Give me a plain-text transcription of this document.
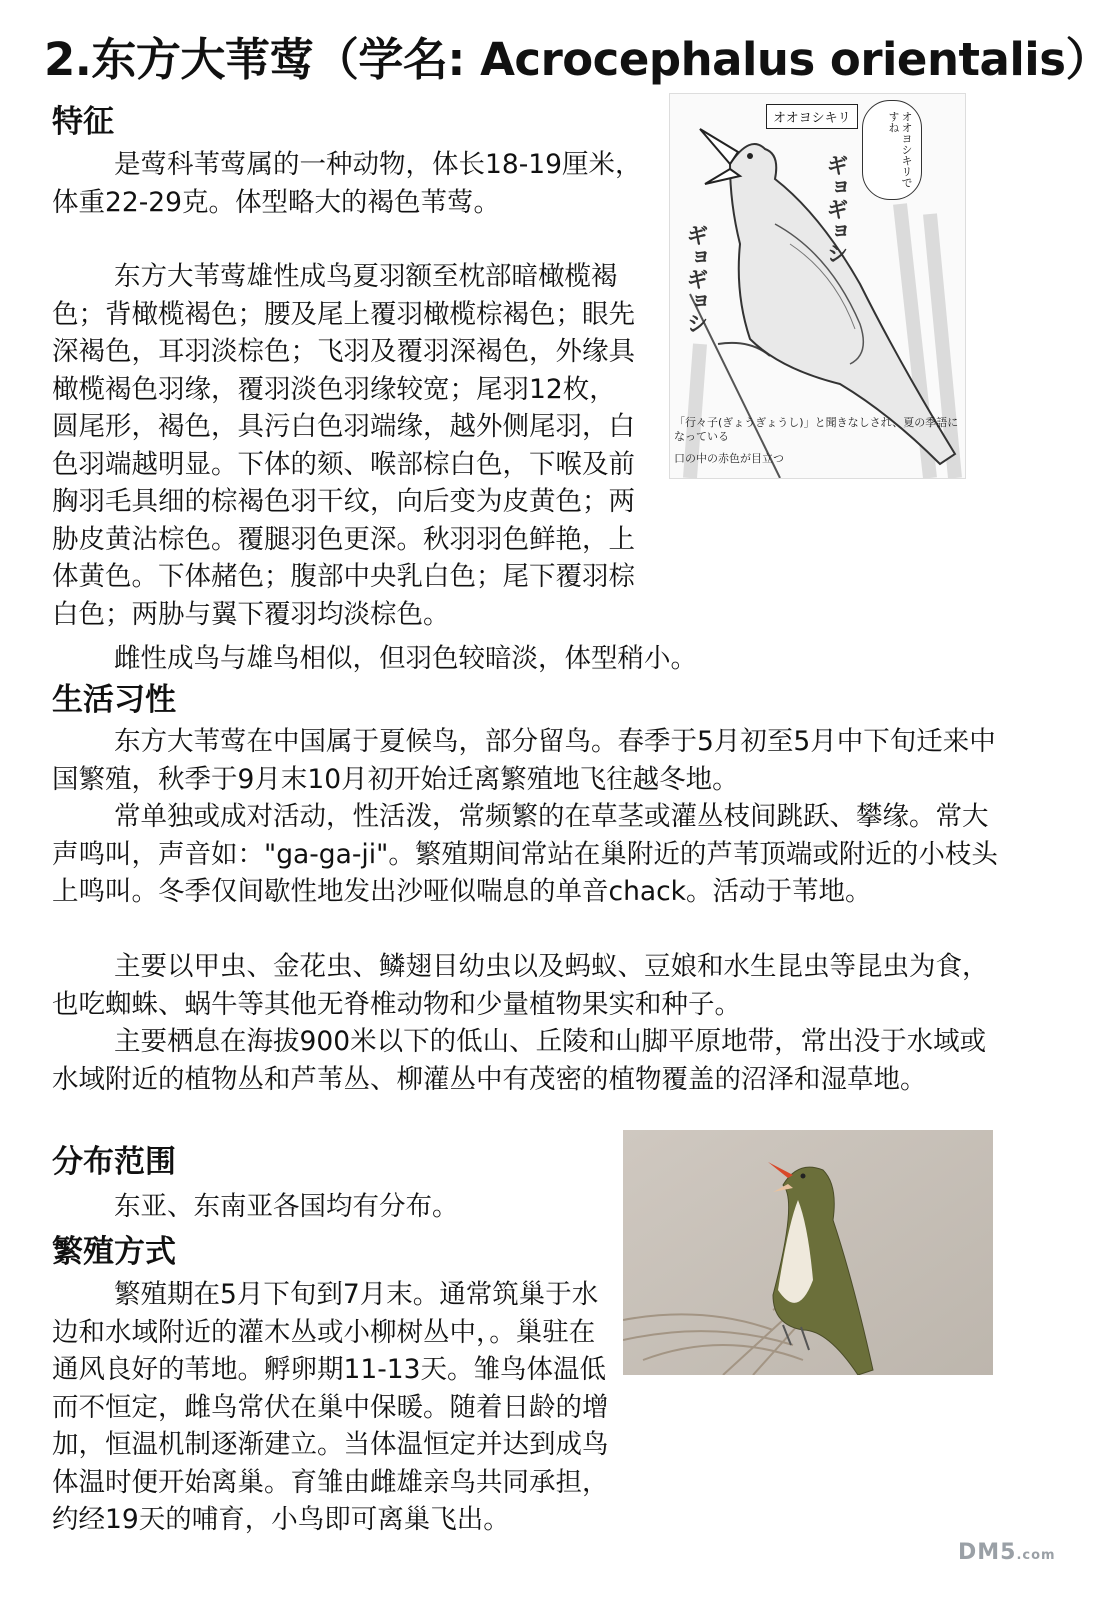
2.东方大苇莺（学名: Acrocephalus orientalis）
特征

是莺科苇莺属的一种动物，体长18-19厘米，体重22-29克。体型略大的褐色苇莺。

东方大苇莺雄性成鸟夏羽额至枕部暗橄榄褐色；背橄榄褐色；腰及尾上覆羽橄榄棕褐色；眼先深褐色，耳羽淡棕色；飞羽及覆羽深褐色，外缘具橄榄褐色羽缘，覆羽淡色羽缘较宽；尾羽12枚，圆尾形，褐色，具污白色羽端缘，越外侧尾羽，白色羽端越明显。下体的颏、喉部棕白色，下喉及前胸羽毛具细的棕褐色羽干纹，向后变为皮黄色；两胁皮黄沾棕色。覆腿羽色更深。秋羽羽色鲜艳，上体黄色。下体赭色；腹部中央乳白色；尾下覆羽棕白色；两胁与翼下覆羽均淡棕色。

雌性成鸟与雄鸟相似，但羽色较暗淡，体型稍小。

生活习性

东方大苇莺在中国属于夏候鸟，部分留鸟。春季于5月初至5月中下旬迁来中国繁殖，秋季于9月末10月初开始迁离繁殖地飞往越冬地。

常单独或成对活动，性活泼，常频繁的在草茎或灌丛枝间跳跃、攀缘。常大声鸣叫，声音如："ga-ga-ji"。繁殖期间常站在巢附近的芦苇顶端或附近的小枝头上鸣叫。冬季仅间歇性地发出沙哑似喘息的单音chack。活动于苇地。

主要以甲虫、金花虫、鳞翅目幼虫以及蚂蚁、豆娘和水生昆虫等昆虫为食，也吃蜘蛛、蜗牛等其他无脊椎动物和少量植物果实和种子。

主要栖息在海拔900米以下的低山、丘陵和山脚平原地带，常出没于水域或水域附近的植物丛和芦苇丛、柳灌丛中有茂密的植物覆盖的沼泽和湿草地。

分布范围

东亚、东南亚各国均有分布。

繁殖方式

繁殖期在5月下旬到7月末。通常筑巢于水边和水域附近的灌木丛或小柳树丛中，。巢驻在通风良好的苇地。孵卵期11-13天。雏鸟体温低而不恒定，雌鸟常伏在巢中保暖。随着日龄的增加，恒温机制逐渐建立。当体温恒定并达到成鸟体温时便开始离巢。育雏由雌雄亲鸟共同承担，约经19天的哺育，小鸟即可离巢飞出。

オオヨシキリ	オオヨシキリですね
ギョギョシ
ギョギョシ
「行々子(ぎょうぎょうし)」と聞きなしされ、夏の季語になっている
口の中の赤色が目立つ
DM5.com
